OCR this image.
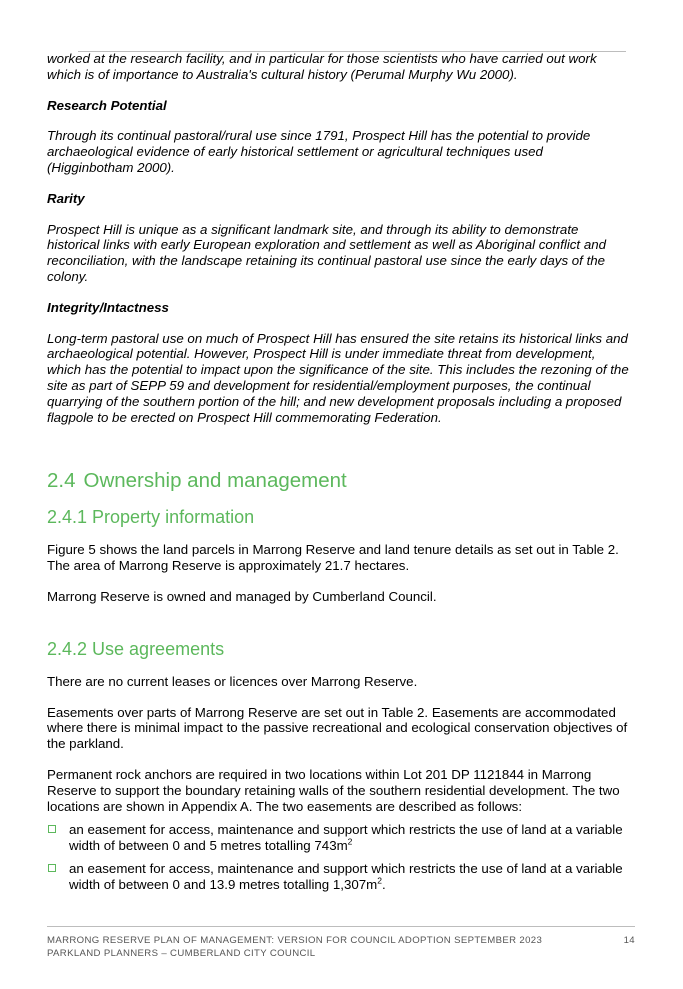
worked at the research facility, and in particular for those scientists who have carried out work which is of importance to Australia's cultural history (Perumal Murphy Wu 2000).

Research Potential

Through its continual pastoral/rural use since 1791, Prospect Hill has the potential to provide archaeological evidence of early historical settlement or agricultural techniques used (Higginbotham 2000).

Rarity

Prospect Hill is unique as a significant landmark site, and through its ability to demonstrate historical links with early European exploration and settlement as well as Aboriginal conflict and reconciliation, with the landscape retaining its continual pastoral use since the early days of the colony.

Integrity/Intactness

Long-term pastoral use on much of Prospect Hill has ensured the site retains its historical links and archaeological potential. However, Prospect Hill is under immediate threat from development, which has the potential to impact upon the significance of the site. This includes the rezoning of the site as part of SEPP 59 and development for residential/employment purposes, the continual quarrying of the southern portion of the hill; and new development proposals including a proposed flagpole to be erected on Prospect Hill commemorating Federation.

2.4 Ownership and management

2.4.1 Property information

Figure 5 shows the land parcels in Marrong Reserve and land tenure details as set out in Table 2. The area of Marrong Reserve is approximately 21.7 hectares.

Marrong Reserve is owned and managed by Cumberland Council.

2.4.2 Use agreements

There are no current leases or licences over Marrong Reserve.

Easements over parts of Marrong Reserve are set out in Table 2. Easements are accommodated where there is minimal impact to the passive recreational and ecological conservation objectives of the parkland.

Permanent rock anchors are required in two locations within Lot 201 DP 1121844 in Marrong Reserve to support the boundary retaining walls of the southern residential development. The two locations are shown in Appendix A. The two easements are described as follows:

an easement for access, maintenance and support which restricts the use of land at a variable width of between 0 and 5 metres totalling $743m^2$
an easement for access, maintenance and support which restricts the use of land at a variable width of between 0 and 13.9 metres totalling $1,307m^2$.
MARRONG RESERVE PLAN OF MANAGEMENT: VERSION FOR COUNCIL ADOPTION SEPTEMBER 2023
PARKLAND PLANNERS – CUMBERLAND CITY COUNCIL
14
